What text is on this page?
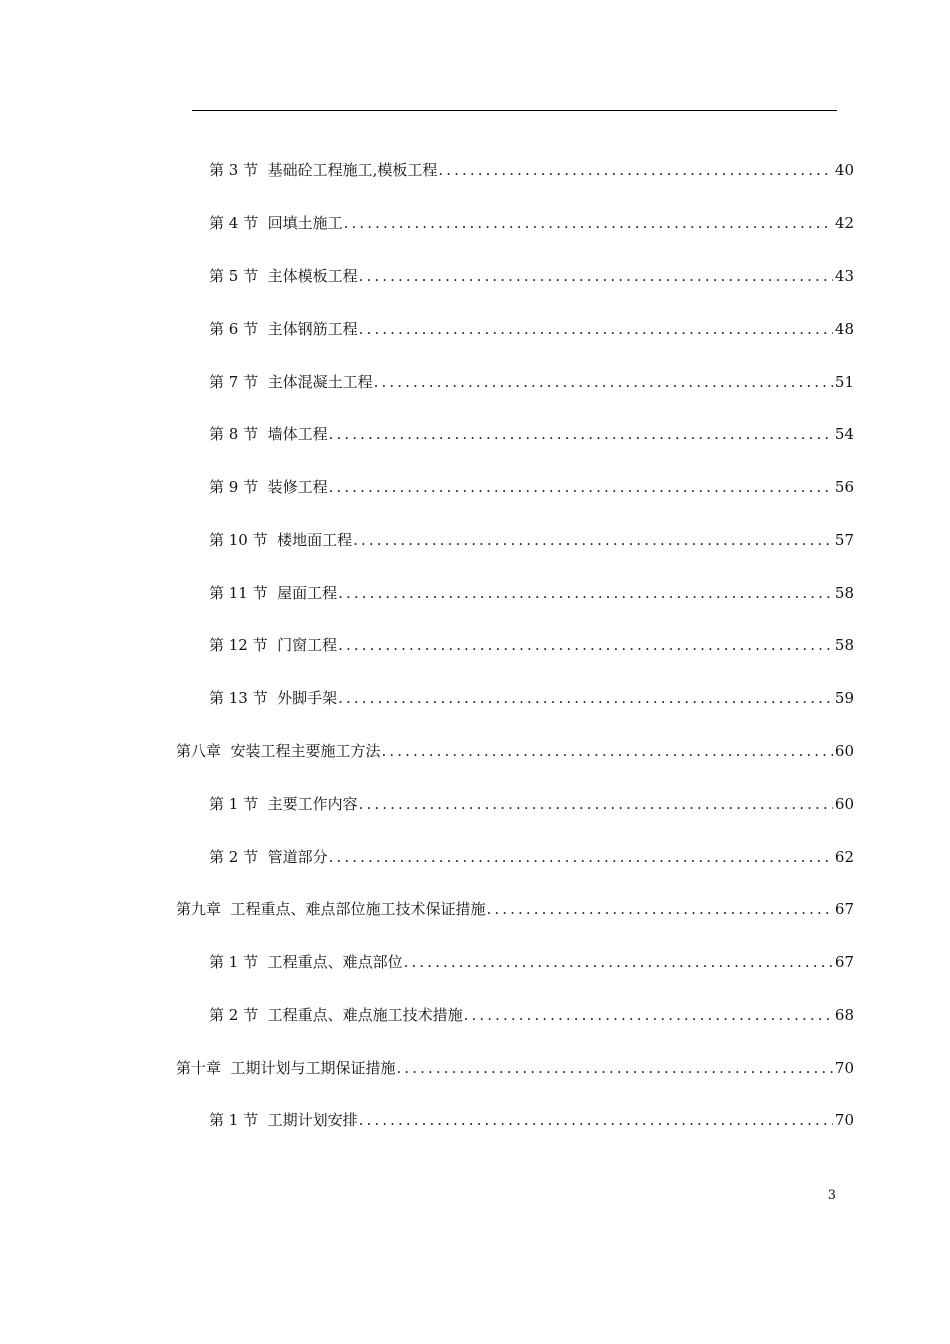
第 3 节  基础砼工程施工,模板工程 .....	40
第 4 节  回填土施工 .....	42
第 5 节  主体模板工程 .....	43
第 6 节  主体钢筋工程 .....	48
第 7 节  主体混凝土工程 .....	51
第 8 节  墙体工程 .....	54
第 9 节  装修工程 .....	56
第 10 节  楼地面工程 .....	57
第 11 节  屋面工程 .....	58
第 12 节  门窗工程 .....	58
第 13 节  外脚手架 .....	59
第八章  安装工程主要施工方法 .....	60
第 1 节  主要工作内容 .....	60
第 2 节  管道部分 .....	62
第九章  工程重点、难点部位施工技术保证措施 .....	67
第 1 节  工程重点、难点部位 .....	67
第 2 节  工程重点、难点施工技术措施 .....	68
第十章  工期计划与工期保证措施 .....	70
第 1 节  工期计划安排 .....	70
3
